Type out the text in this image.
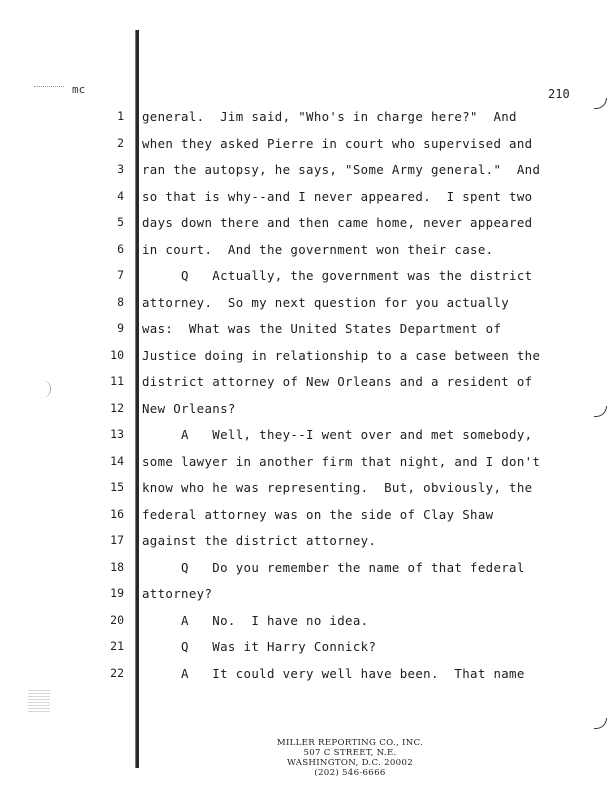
mc	210
1 general.  Jim said, "Who's in charge here?"  And
2 when they asked Pierre in court who supervised and
3 ran the autopsy, he says, "Some Army general."  And
4 so that is why--and I never appeared.  I spent two
5 days down there and then came home, never appeared
6 in court.  And the government won their case.
7 Q   Actually, the government was the district
8 attorney.  So my next question for you actually
9 was:  What was the United States Department of
10 Justice doing in relationship to a case between the
11 district attorney of New Orleans and a resident of
12 New Orleans?
13 A   Well, they--I went over and met somebody,
14 some lawyer in another firm that night, and I don't
15 know who he was representing.  But, obviously, the
16 federal attorney was on the side of Clay Shaw
17 against the district attorney.
18 Q   Do you remember the name of that federal
19 attorney?
20 A   No.  I have no idea.
21 Q   Was it Harry Connick?
22 A   It could very well have been.  That name
MILLER REPORTING CO., INC.
507 C STREET, N.E.
WASHINGTON, D.C. 20002
(202) 546-6666
